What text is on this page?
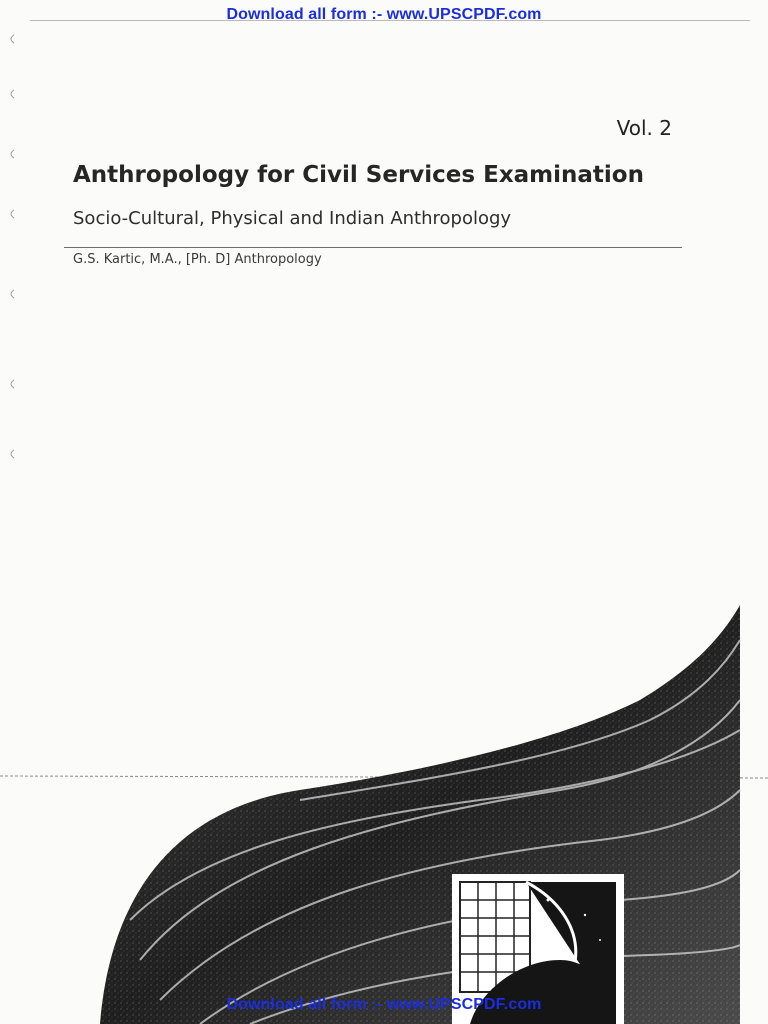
Download all form :- www.UPSCPDF.com
Vol. 2
Anthropology for Civil Services Examination
Socio-Cultural, Physical and Indian Anthropology
G.S. Kartic, M.A., [Ph. D] Anthropology
Download all form :- www.UPSCPDF.com
